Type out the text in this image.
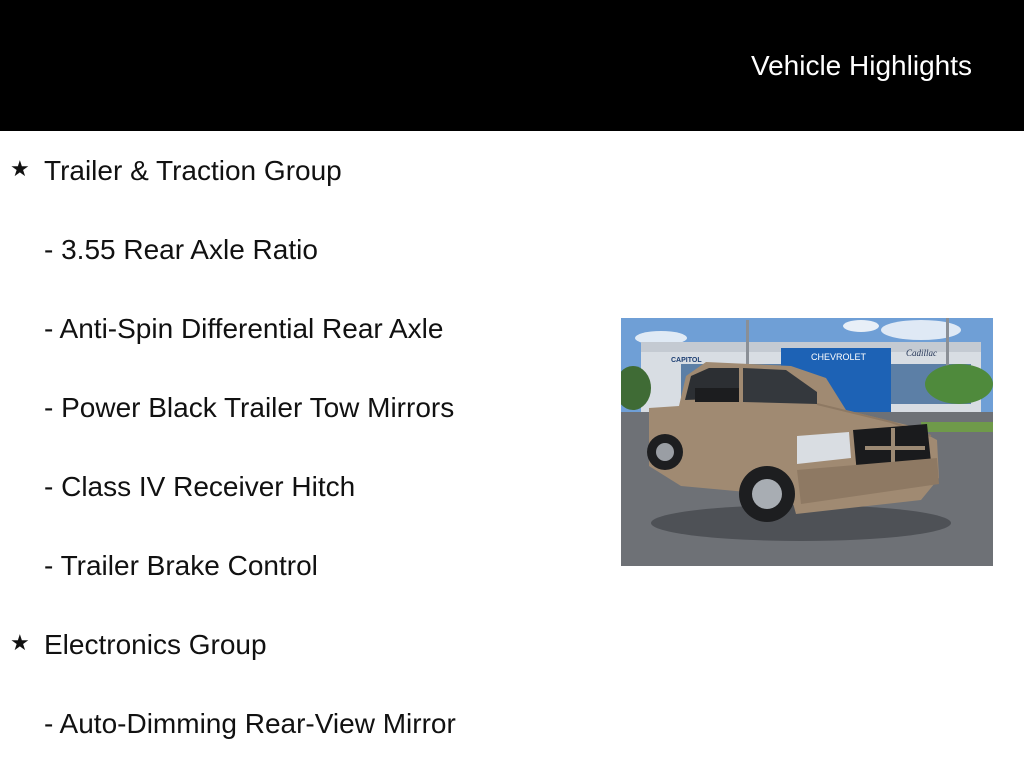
Vehicle Highlights
★ Trailer & Traction Group
- 3.55 Rear Axle Ratio
- Anti-Spin Differential Rear Axle
- Power Black Trailer Tow Mirrors
- Class IV Receiver Hitch
- Trailer Brake Control
★ Electronics Group
- Auto-Dimming Rear-View Mirror
CAPITOL	CHEVROLET	Cadillac
